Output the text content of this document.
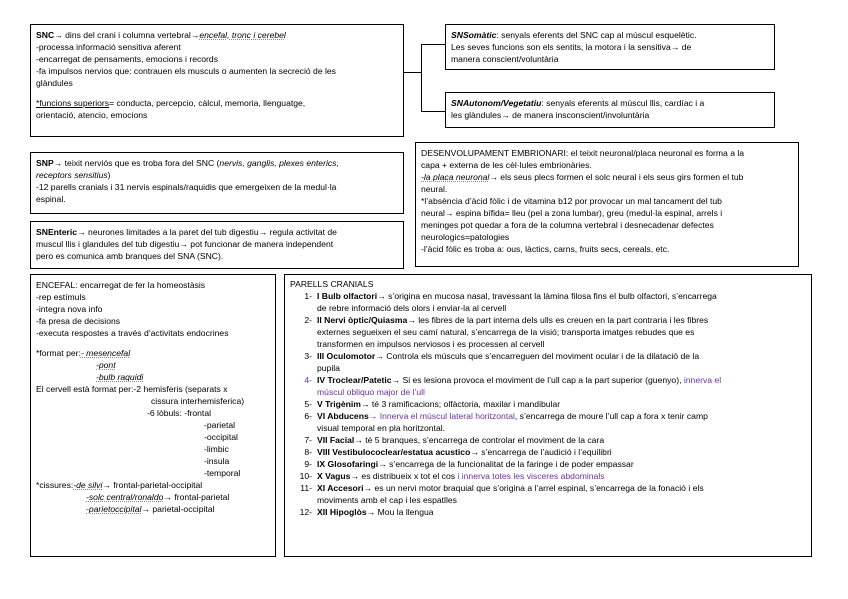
SNC→ dins del crani i columna vertebral→encefal, tronc i cerebel
-processa informació sensitiva aferent
-encarregat de pensaments, emocions i records
-fa impulsos nervios que: contrauen els musculs o aumenten la secreció de les
glàndules
*funcions superiors= conducta, percepcio, càlcul, memoria, llenguatge,
orientació, atencio, emocions
SNSomàtic: senyals eferents del SNC cap al múscul esquelètic.
Les seves funcions son els sentits, la motora i la sensitiva→ de
manera conscient/voluntària
SNAutonom/Vegetatiu: senyals eferents al múscul llis, cardíac i a
les glàndules→ de manera insconscient/involuntària
SNP→ teixit nerviós que es troba fora del SNC (nervis, ganglis, plexes enterics,
receptors sensitius)
-12 parells cranials i 31 nervis espinals/raquidis que emergeixen de la medul·la
espinal.
SNEnteric→ neurones limitades a la paret del tub digestiu→ regula activitat de
muscul llis i glandules del tub digestiu→ pot funcionar de manera independent
pero es comunica amb branques del SNA (SNC).
DESENVOLUPAMENT EMBRIONARI: el teixit neuronal/placa neuronal es forma a la
capa + externa de les cèl·lules embrionàries.
-la placa neuronal→ els seus plecs formen el solc neural i els seus girs formen el tub
neural.
*l’absència d’àcid fòlic i de vitamina b12 por provocar un mal tancament del tub
neural→ espina bífida= lleu (pel a zona lumbar), greu (medul·la espinal, arrels i
meninges pot quedar a fora de la columna vertebral i desnecadenar defectes
neurologics=patologies
-l’àcid fòlic es troba a: ous, làctics, carns, fruits secs, cereals, etc.
ENCEFAL: encarregat de fer la homeostàsis
-rep estímuls
-integra nova info
-fa presa de decisions
-executa respostes a través d’activitats endocrines
*format per:- mesencefal
-pont
-bulb raquidi
El cervell està format per:-2 hemisferis (separats x
cissura interhemisferica)
-6 lòbuls: -frontal
-parietal
-occipital
-limbic
-insula
-temporal
*cissures:-de silvi→ frontal-parietal-occipital
-solc central/ronaldo→ frontal-parietal
-parietoccipital→ parietal-occipital
PARELLS CRANIALS
1- I Bulb olfactori→ s’origina en mucosa nasal, travessant la làmina filosa fins el bulb olfactori, s’encarrega
de rebre informació dels olors i enviar-la al cervell
2- II Nervi òptic/Quiasma→ les fibres de la part interna dels ulls es creuen en la part contraria i les fibres
externes segueixen el seu camí natural, s’encarrega de la visió; transporta imatges rebudes que es
transformen en impulsos nerviosos i es processen al cervell
3- III Oculomotor→ Controla els músculs que s’encarreguen del moviment ocular i de la dilatació de la
pupila
4- IV Troclear/Patetic→ Si es lesiona provoca el moviment de l’ull cap a la part superior (guenyo), innerva el
múscul obliquo major de l’ull
5- V Trigènim→ té 3 ramificacions; olfàctoria, maxilar i mandibular
6- VI Abducens→ Innerva el múscul lateral horitzontal, s’encarrega de moure l’ull cap a fora x tenir camp
visual temporal en pla horitzontal.
7- VII Facial→ té 5 branques, s’encarrega de controlar el moviment de la cara
8- VIII Vestibulococlear/estatua acustico→ s’encarrega de l’audició i l’equilibri
9- IX Glosofaringi→ s’encarrega de la funcionalitat de la faringe i de poder empassar
10- X Vagus→ es distribueix x tot el cos i innerva totes les visceres abdominals
11- XI Accesori→ es un nervi motor braquial que s’origina a l’arrel espinal, s’encarrega de la fonació i els
moviments amb el cap i les espatlles
12- XII Hipoglòs→ Mou la llengua
